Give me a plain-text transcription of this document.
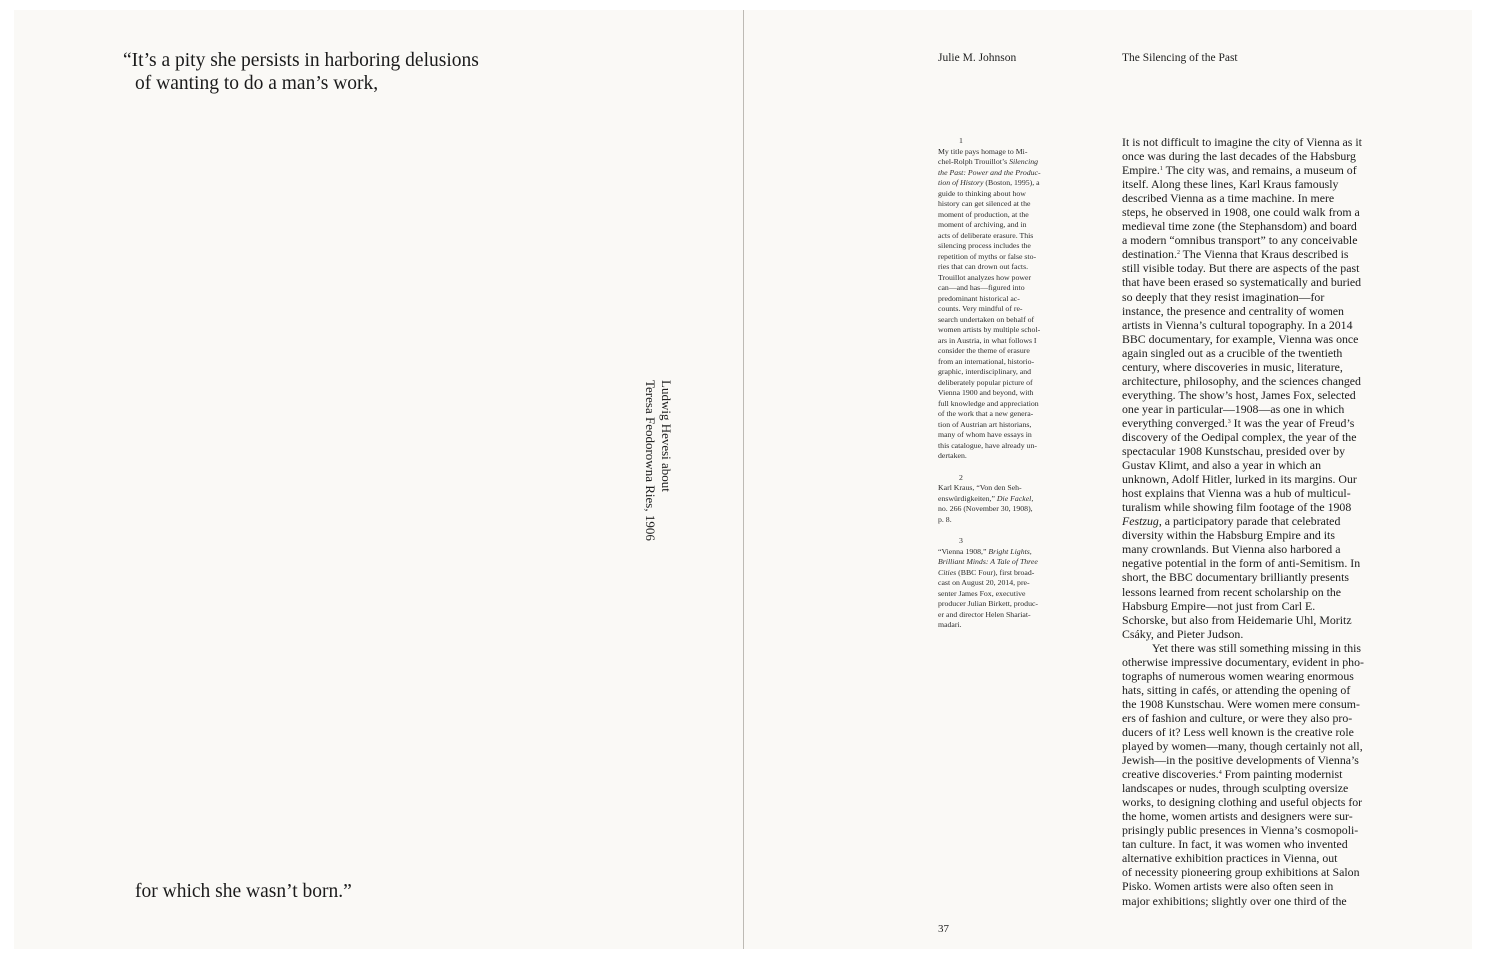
“It’s a pity she persists in harboring delusions
of wanting to do a man’s work,
for which she wasn’t born.”
Ludwig Hevesi about
Teresa Feodorowna Ries, 1906
Julie M. Johnson	The Silencing of the Past
1
My title pays homage to Mi-
chel-Rolph Trouillot’s Silencing
the Past: Power and the Produc-
tion of History (Boston, 1995), a
guide to thinking about how
history can get silenced at the
moment of production, at the
moment of archiving, and in
acts of deliberate erasure. This
silencing process includes the
repetition of myths or false sto-
ries that can drown out facts.
Trouillot analyzes how power
can—and has—figured into
predominant historical ac-
counts. Very mindful of re-
search undertaken on behalf of
women artists by multiple schol-
ars in Austria, in what follows I
consider the theme of erasure
from an international, historio-
graphic, interdisciplinary, and
deliberately popular picture of
Vienna 1900 and beyond, with
full knowledge and appreciation
of the work that a new genera-
tion of Austrian art historians,
many of whom have essays in
this catalogue, have already un-
dertaken.
2
Karl Kraus, “Von den Seh-
enswürdigkeiten,” Die Fackel,
no. 266 (November 30, 1908),
p. 8.
3
“Vienna 1908,” Bright Lights,
Brilliant Minds: A Tale of Three
Cities (BBC Four), first broad-
cast on August 20, 2014, pre-
senter James Fox, executive
producer Julian Birkett, produc-
er and director Helen Shariat-
madari.
It is not difficult to imagine the city of Vienna as it
once was during the last decades of the Habsburg
Empire.$^1$ The city was, and remains, a museum of
itself. Along these lines, Karl Kraus famously
described Vienna as a time machine. In mere
steps, he observed in 1908, one could walk from a
medieval time zone (the Stephansdom) and board
a modern “omnibus transport” to any conceivable
destination.$^2$ The Vienna that Kraus described is
still visible today. But there are aspects of the past
that have been erased so systematically and buried
so deeply that they resist imagination—for
instance, the presence and centrality of women
artists in Vienna’s cultural topography. In a 2014
BBC documentary, for example, Vienna was once
again singled out as a crucible of the twentieth
century, where discoveries in music, literature,
architecture, philosophy, and the sciences changed
everything. The show’s host, James Fox, selected
one year in particular—1908—as one in which
everything converged.$^3$ It was the year of Freud’s
discovery of the Oedipal complex, the year of the
spectacular 1908 Kunstschau, presided over by
Gustav Klimt, and also a year in which an
unknown, Adolf Hitler, lurked in its margins. Our
host explains that Vienna was a hub of multicul-
turalism while showing film footage of the 1908
Festzug, a participatory parade that celebrated
diversity within the Habsburg Empire and its
many crownlands. But Vienna also harbored a
negative potential in the form of anti-Semitism. In
short, the BBC documentary brilliantly presents
lessons learned from recent scholarship on the
Habsburg Empire—not just from Carl E.
Schorske, but also from Heidemarie Uhl, Moritz
Csáky, and Pieter Judson.
Yet there was still something missing in this
otherwise impressive documentary, evident in pho-
tographs of numerous women wearing enormous
hats, sitting in cafés, or attending the opening of
the 1908 Kunstschau. Were women mere consum-
ers of fashion and culture, or were they also pro-
ducers of it? Less well known is the creative role
played by women—many, though certainly not all,
Jewish—in the positive developments of Vienna’s
creative discoveries.$^4$ From painting modernist
landscapes or nudes, through sculpting oversize
works, to designing clothing and useful objects for
the home, women artists and designers were sur-
prisingly public presences in Vienna’s cosmopoli-
tan culture. In fact, it was women who invented
alternative exhibition practices in Vienna, out
of necessity pioneering group exhibitions at Salon
Pisko. Women artists were also often seen in
major exhibitions; slightly over one third of the
37
